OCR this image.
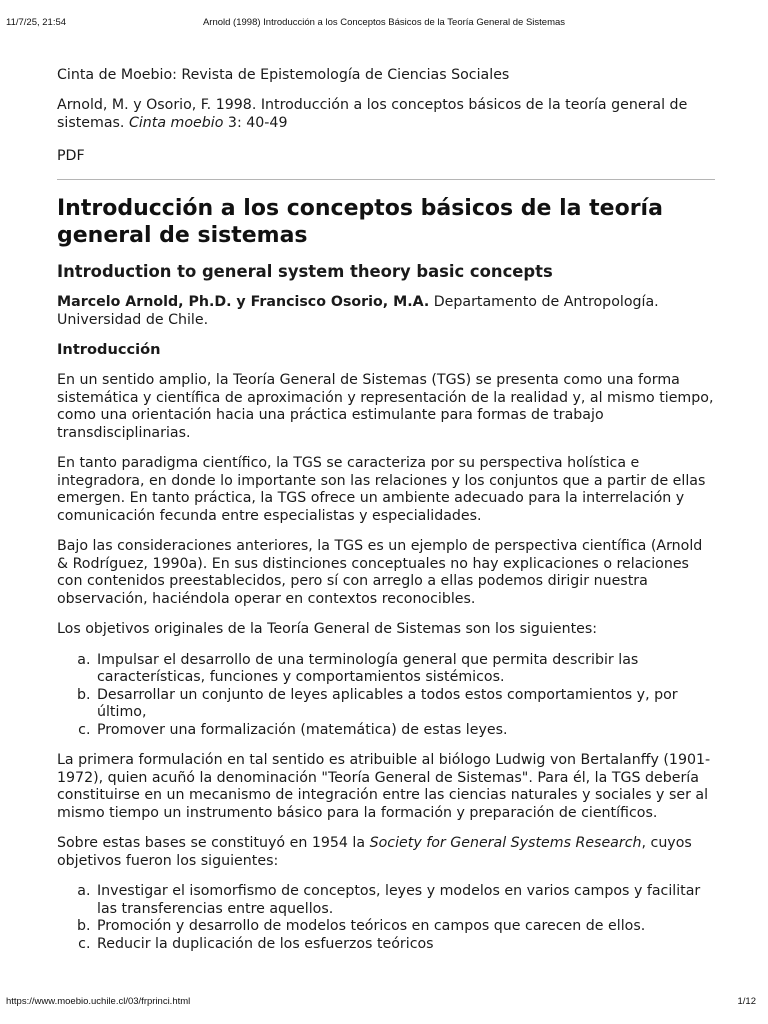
11/7/25, 21:54	Arnold (1998) Introducción a los Conceptos Básicos de la Teoría General de Sistemas

Cinta de Moebio: Revista de Epistemología de Ciencias Sociales

Arnold, M. y Osorio, F. 1998. Introducción a los conceptos básicos de la teoría general de sistemas. Cinta moebio 3: 40-49

PDF
Introducción a los conceptos básicos de la teoría general de sistemas
Introduction to general system theory basic concepts

Marcelo Arnold, Ph.D. y Francisco Osorio, M.A. Departamento de Antropología. Universidad de Chile.

Introducción

En un sentido amplio, la Teoría General de Sistemas (TGS) se presenta como una forma sistemática y científica de aproximación y representación de la realidad y, al mismo tiempo, como una orientación hacia una práctica estimulante para formas de trabajo transdisciplinarias.

En tanto paradigma científico, la TGS se caracteriza por su perspectiva holística e integradora, en donde lo importante son las relaciones y los conjuntos que a partir de ellas emergen. En tanto práctica, la TGS ofrece un ambiente adecuado para la interrelación y comunicación fecunda entre especialistas y especialidades.

Bajo las consideraciones anteriores, la TGS es un ejemplo de perspectiva científica (Arnold & Rodríguez, 1990a). En sus distinciones conceptuales no hay explicaciones o relaciones con contenidos preestablecidos, pero sí con arreglo a ellas podemos dirigir nuestra observación, haciéndola operar en contextos reconocibles.

Los objetivos originales de la Teoría General de Sistemas son los siguientes:

a. Impulsar el desarrollo de una terminología general que permita describir las características, funciones y comportamientos sistémicos.
b. Desarrollar un conjunto de leyes aplicables a todos estos comportamientos y, por último,
c. Promover una formalización (matemática) de estas leyes.

La primera formulación en tal sentido es atribuible al biólogo Ludwig von Bertalanffy (1901-1972), quien acuñó la denominación "Teoría General de Sistemas". Para él, la TGS debería constituirse en un mecanismo de integración entre las ciencias naturales y sociales y ser al mismo tiempo un instrumento básico para la formación y preparación de científicos.

Sobre estas bases se constituyó en 1954 la Society for General Systems Research, cuyos objetivos fueron los siguientes:

a. Investigar el isomorfismo de conceptos, leyes y modelos en varios campos y facilitar las transferencias entre aquellos.
b. Promoción y desarrollo de modelos teóricos en campos que carecen de ellos.
c. Reducir la duplicación de los esfuerzos teóricos
https://www.moebio.uchile.cl/03/frprinci.html	1/12
